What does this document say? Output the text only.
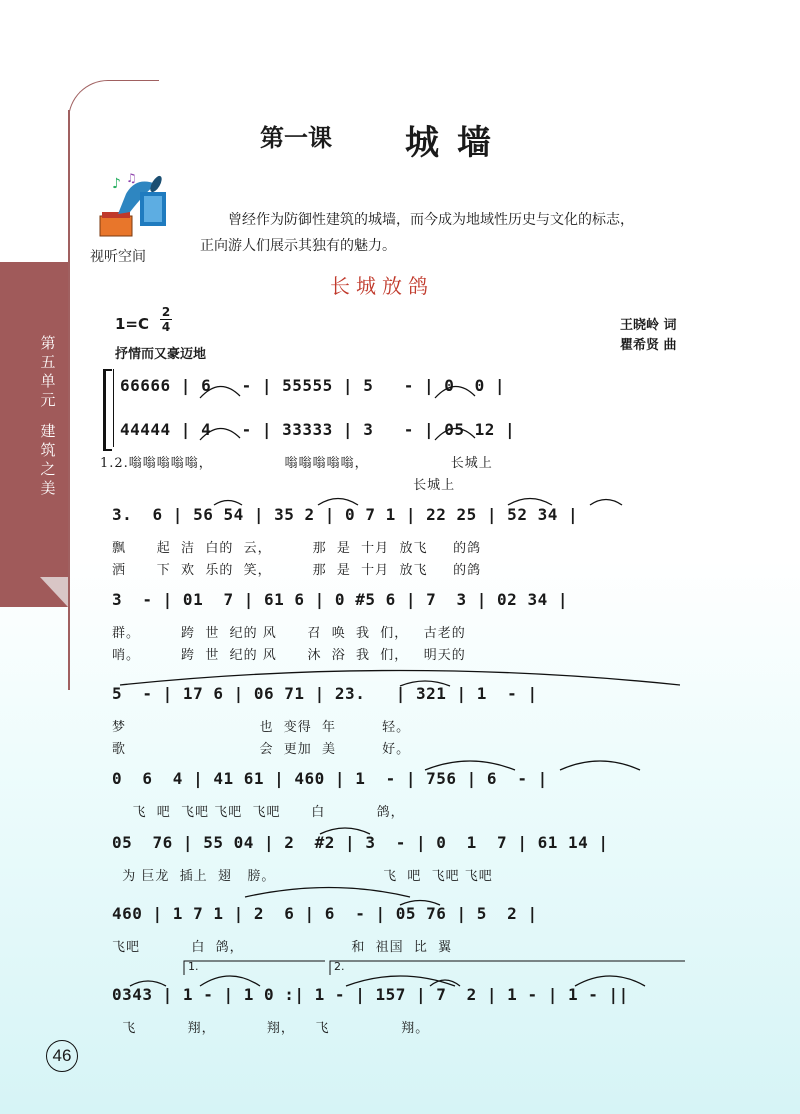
第五单元
建筑之美
第一课 城墙
♪ ♫
视听空间

曾经作为防御性建筑的城墙，而今成为地域性历史与文化的标志，

正向游人们展示其独有的魅力。

长城放鸽
1=C
2
4
抒情而又豪迈地
王晓岭 词
瞿希贤 曲
66666 | 6   - | 55555 | 5   - | 0  0 |
44444 | 4   - | 33333 | 3   - | 05 12 |
1.2.嗡嗡嗡嗡嗡，              嗡嗡嗡嗡嗡，                长城上
长城上
3.  6 | 56 54 | 35 2 | 0 7 1 | 22 25 | 52 34 |
飘      起  洁  白的  云，        那  是  十月  放飞     的鸽
洒      下  欢  乐的  笑，        那  是  十月  放飞     的鸽
3  - | 01  7 | 61 6 | 0 #5 6 | 7  3 | 02 34 |
群。        跨  世  纪的 风      召  唤  我  们，   古老的
哨。        跨  世  纪的 风      沐  浴  我  们，   明天的
5  - | 17 6 | 06 71 | 23.   | 321 | 1  - |
梦                          也  变得  年         轻。
歌                          会  更加  美         好。
0  6  4 | 41 61 | 460 | 1  - | 756 | 6  - |
飞  吧  飞吧 飞吧  飞吧      白          鸽，
05  76 | 55 04 | 2  #2 | 3  - | 0  1  7 | 61 14 |
为 巨龙  插上  翅   膀。                     飞  吧  飞吧 飞吧
460 | 1 7 1 | 2  6 | 6  - | 05 76 | 5  2 |
飞吧          白  鸽，                     和  祖国  比  翼
1.	2.
0343 | 1 - | 1 0 :| 1 - | 157 | 7  2 | 1 - | 1 - ||
飞          翔，          翔，    飞              翔。
46
